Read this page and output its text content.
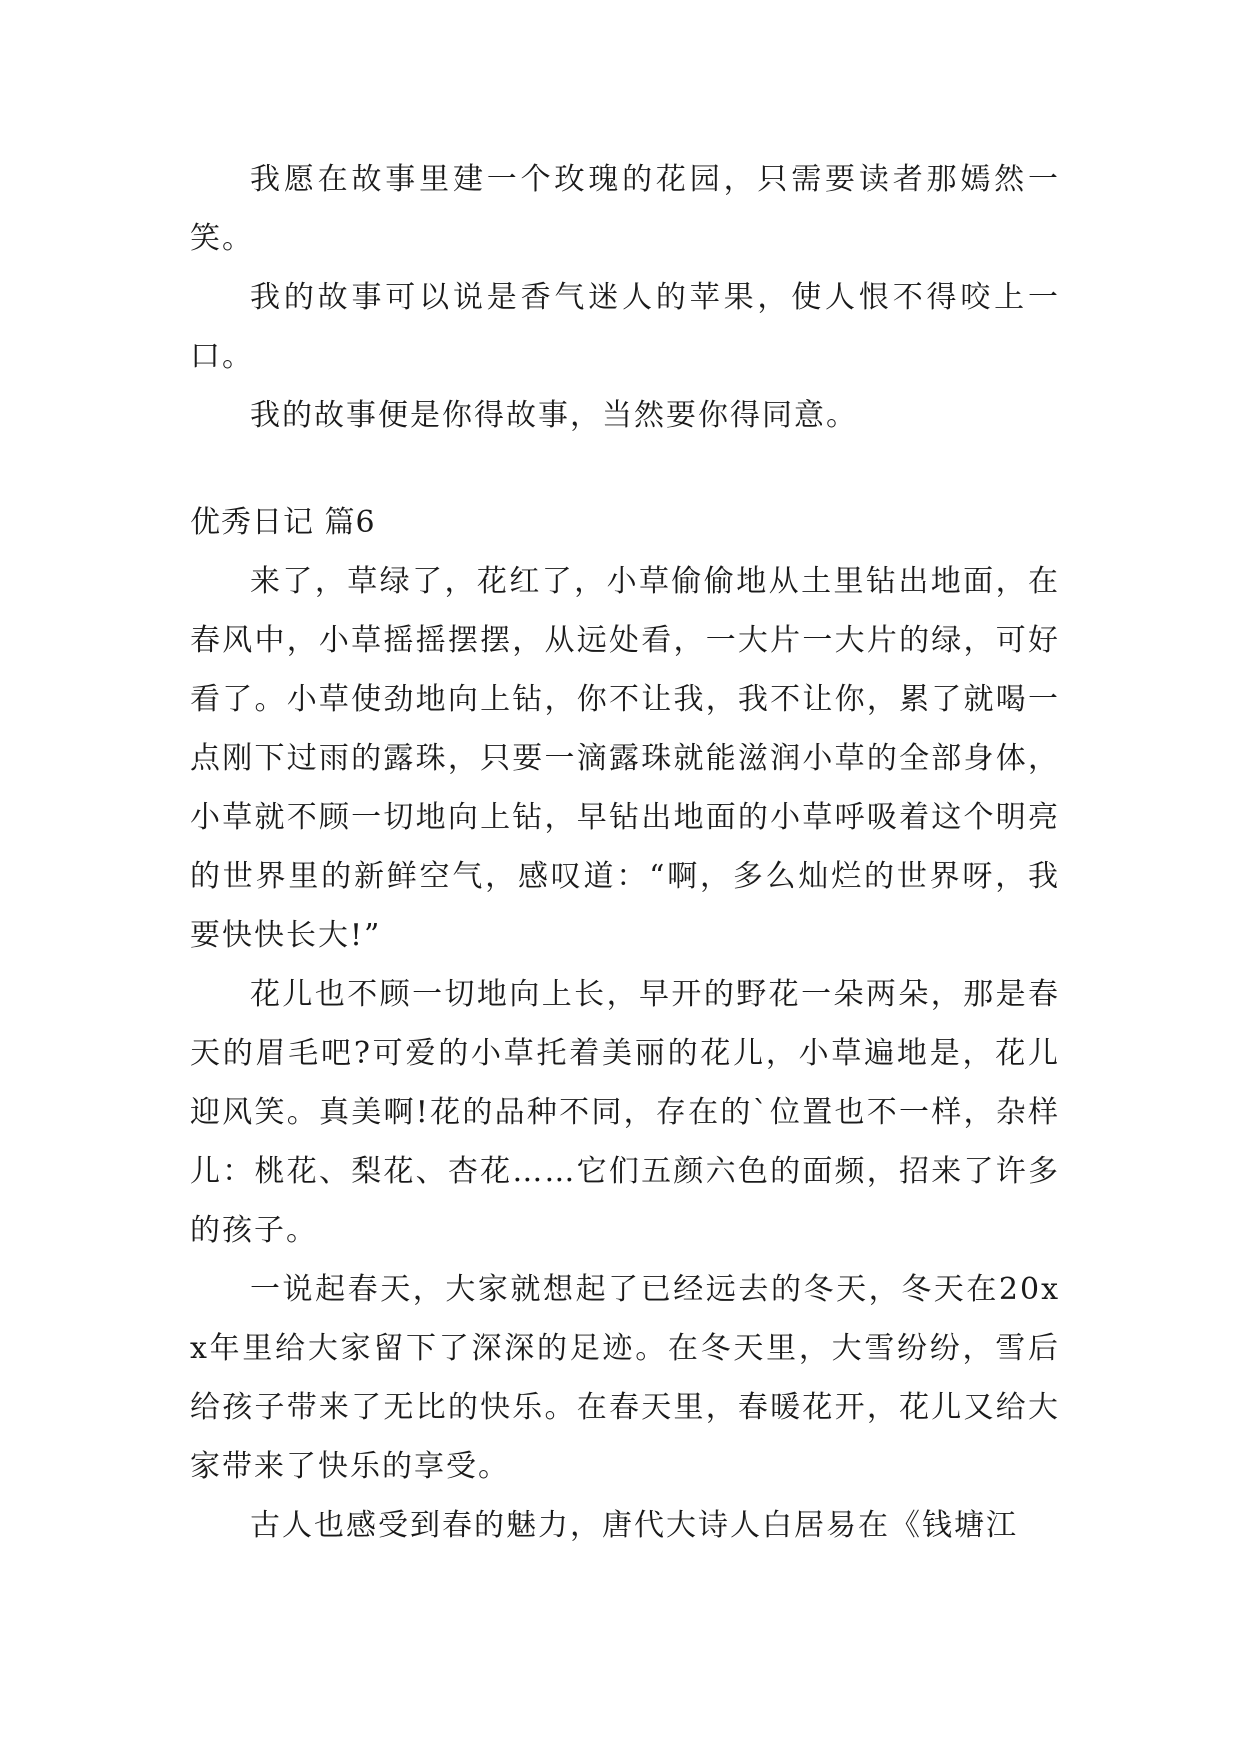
我愿在故事里建一个玫瑰的花园，只需要读者那嫣然一笑。

我的故事可以说是香气迷人的苹果，使人恨不得咬上一口。

我的故事便是你得故事，当然要你得同意。

优秀日记 篇6

来了，草绿了，花红了，小草偷偷地从土里钻出地面，在春风中，小草摇摇摆摆，从远处看，一大片一大片的绿，可好看了。小草使劲地向上钻，你不让我，我不让你，累了就喝一点刚下过雨的露珠，只要一滴露珠就能滋润小草的全部身体，小草就不顾一切地向上钻，早钻出地面的小草呼吸着这个明亮的世界里的新鲜空气，感叹道：“啊，多么灿烂的世界呀，我要快快长大!”

花儿也不顾一切地向上长，早开的野花一朵两朵，那是春天的眉毛吧?可爱的小草托着美丽的花儿，小草遍地是，花儿迎风笑。真美啊!花的品种不同，存在的`位置也不一样，杂样儿：桃花、梨花、杏花……它们五颜六色的面频，招来了许多的孩子。

一说起春天，大家就想起了已经远去的冬天，冬天在20xx年里给大家留下了深深的足迹。在冬天里，大雪纷纷，雪后给孩子带来了无比的快乐。在春天里，春暖花开，花儿又给大家带来了快乐的享受。

古人也感受到春的魅力，唐代大诗人白居易在《钱塘江
